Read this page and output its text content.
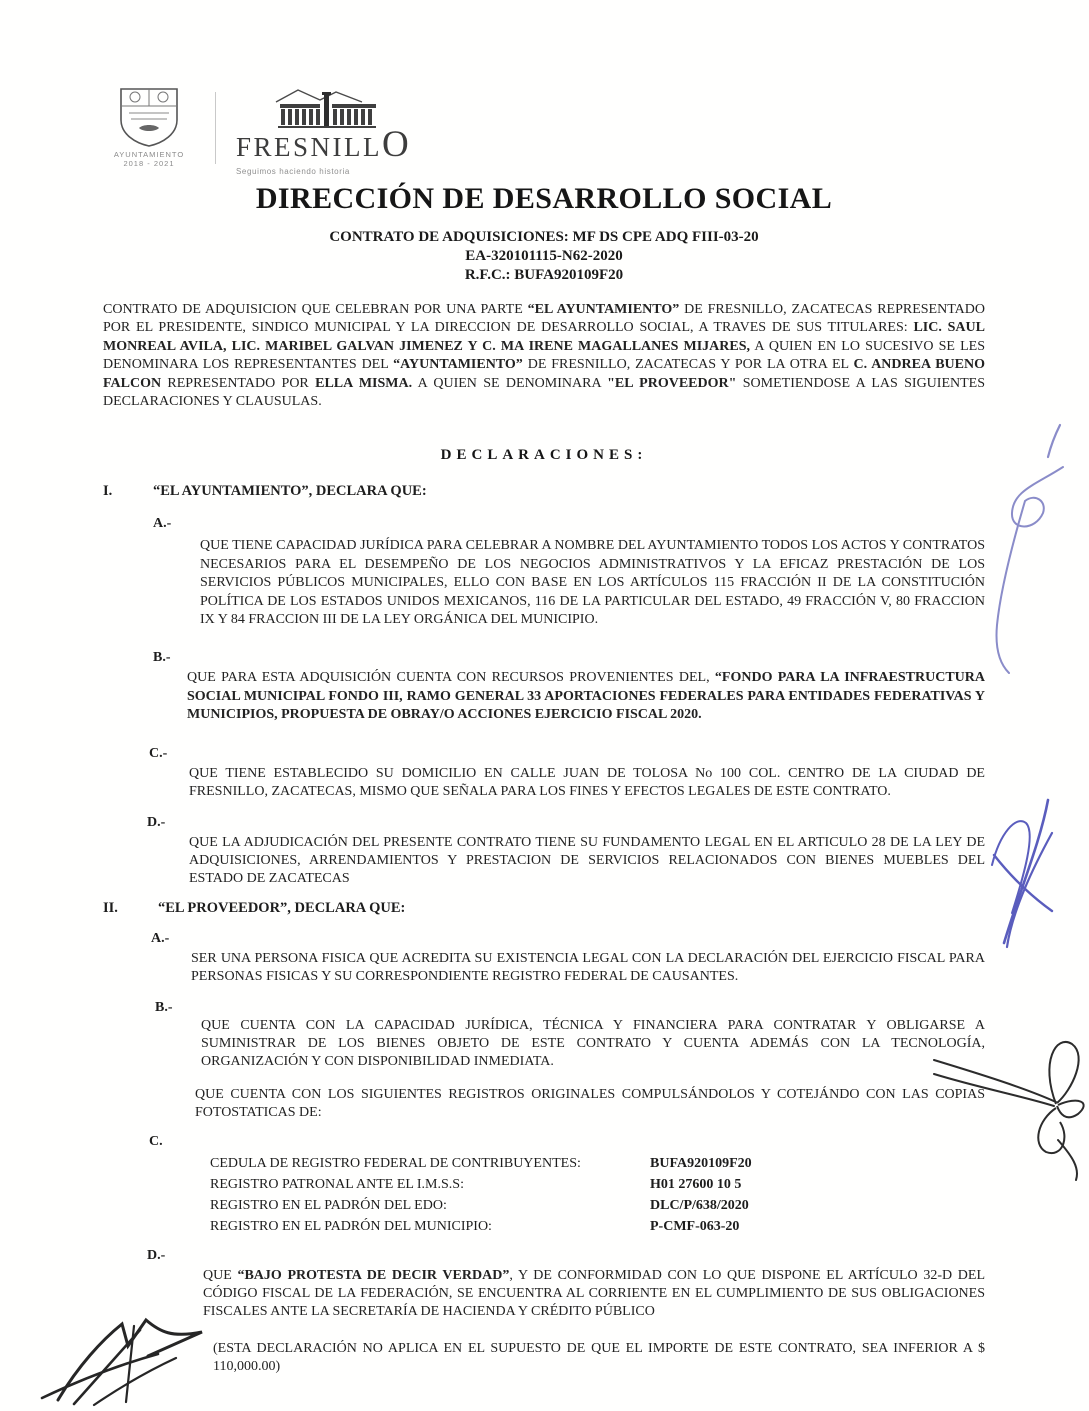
AYUNTAMIENTO
2018 - 2021
FRESNILLO
Seguimos haciendo historia
DIRECCIÓN DE DESARROLLO SOCIAL
CONTRATO DE ADQUISICIONES: MF DS CPE ADQ FIII-03-20
EA-320101115-N62-2020
R.F.C.: BUFA920109F20
CONTRATO DE ADQUISICION QUE CELEBRAN POR UNA PARTE “EL AYUNTAMIENTO” DE FRESNILLO, ZACATECAS REPRESENTADO POR EL PRESIDENTE, SINDICO MUNICIPAL Y LA DIRECCION DE DESARROLLO SOCIAL, A TRAVES DE SUS TITULARES: LIC. SAUL MONREAL AVILA, LIC. MARIBEL GALVAN JIMENEZ Y C. MA IRENE MAGALLANES MIJARES, A QUIEN EN LO SUCESIVO SE LES DENOMINARA LOS REPRESENTANTES DEL “AYUNTAMIENTO” DE FRESNILLO, ZACATECAS Y POR LA OTRA EL C. ANDREA BUENO FALCON REPRESENTADO POR ELLA MISMA. A QUIEN SE DENOMINARA "EL PROVEEDOR" SOMETIENDOSE A LAS SIGUIENTES DECLARACIONES Y CLAUSULAS.
DECLARACIONES:
I.	“EL AYUNTAMIENTO”, DECLARA QUE:
A.-
QUE TIENE CAPACIDAD JURÍDICA PARA CELEBRAR A NOMBRE DEL AYUNTAMIENTO TODOS LOS ACTOS Y CONTRATOS NECESARIOS PARA EL DESEMPEÑO DE LOS NEGOCIOS ADMINISTRATIVOS Y LA EFICAZ PRESTACIÓN DE LOS SERVICIOS PÚBLICOS MUNICIPALES, ELLO CON BASE EN LOS ARTÍCULOS 115 FRACCIÓN II DE LA CONSTITUCIÓN POLÍTICA DE LOS ESTADOS UNIDOS MEXICANOS, 116 DE LA PARTICULAR DEL ESTADO, 49 FRACCIÓN V, 80 FRACCION IX Y 84 FRACCION III DE LA LEY ORGÁNICA DEL MUNICIPIO.
B.-
QUE PARA ESTA ADQUISICIÓN CUENTA CON RECURSOS PROVENIENTES DEL, “FONDO PARA LA INFRAESTRUCTURA SOCIAL MUNICIPAL FONDO III, RAMO GENERAL 33 APORTACIONES FEDERALES PARA ENTIDADES FEDERATIVAS Y MUNICIPIOS, PROPUESTA DE OBRAY/O ACCIONES EJERCICIO FISCAL 2020.
C.-
QUE TIENE ESTABLECIDO SU DOMICILIO EN CALLE JUAN DE TOLOSA No 100 COL. CENTRO DE LA CIUDAD DE FRESNILLO, ZACATECAS, MISMO QUE SEÑALA PARA LOS FINES Y EFECTOS LEGALES DE ESTE CONTRATO.
D.-
QUE LA ADJUDICACIÓN DEL PRESENTE CONTRATO TIENE SU FUNDAMENTO LEGAL EN EL ARTICULO 28 DE LA LEY DE ADQUISICIONES, ARRENDAMIENTOS Y PRESTACION DE SERVICIOS RELACIONADOS CON BIENES MUEBLES DEL ESTADO DE ZACATECAS
II.	“EL PROVEEDOR”, DECLARA QUE:
A.-
SER UNA PERSONA FISICA QUE ACREDITA SU EXISTENCIA LEGAL CON LA DECLARACIÓN DEL EJERCICIO FISCAL PARA PERSONAS FISICAS Y SU CORRESPONDIENTE REGISTRO FEDERAL DE CAUSANTES.
B.-
QUE CUENTA CON LA CAPACIDAD JURÍDICA, TÉCNICA Y FINANCIERA PARA CONTRATAR Y OBLIGARSE A SUMINISTRAR DE LOS BIENES OBJETO DE ESTE CONTRATO Y CUENTA ADEMÁS CON LA TECNOLOGÍA, ORGANIZACIÓN Y CON DISPONIBILIDAD INMEDIATA.
QUE CUENTA CON LOS SIGUIENTES REGISTROS ORIGINALES COMPULSÁNDOLOS Y COTEJÁNDO CON LAS COPIAS FOTOSTATICAS DE:
C.
CEDULA DE REGISTRO FEDERAL DE CONTRIBUYENTES:	BUFA920109F20
REGISTRO PATRONAL ANTE EL I.M.S.S:	H01 27600 10 5
REGISTRO EN EL PADRÓN DEL EDO:	DLC/P/638/2020
REGISTRO EN EL PADRÓN DEL MUNICIPIO:	P-CMF-063-20
D.-
QUE “BAJO PROTESTA DE DECIR VERDAD”, Y DE CONFORMIDAD CON LO QUE DISPONE EL ARTÍCULO 32-D DEL CÓDIGO FISCAL DE LA FEDERACIÓN, SE ENCUENTRA AL CORRIENTE EN EL CUMPLIMIENTO DE SUS OBLIGACIONES FISCALES ANTE LA SECRETARÍA DE HACIENDA Y CRÉDITO PÚBLICO
(ESTA DECLARACIÓN NO APLICA EN EL SUPUESTO DE QUE EL IMPORTE DE ESTE CONTRATO, SEA INFERIOR A $ 110,000.00)
